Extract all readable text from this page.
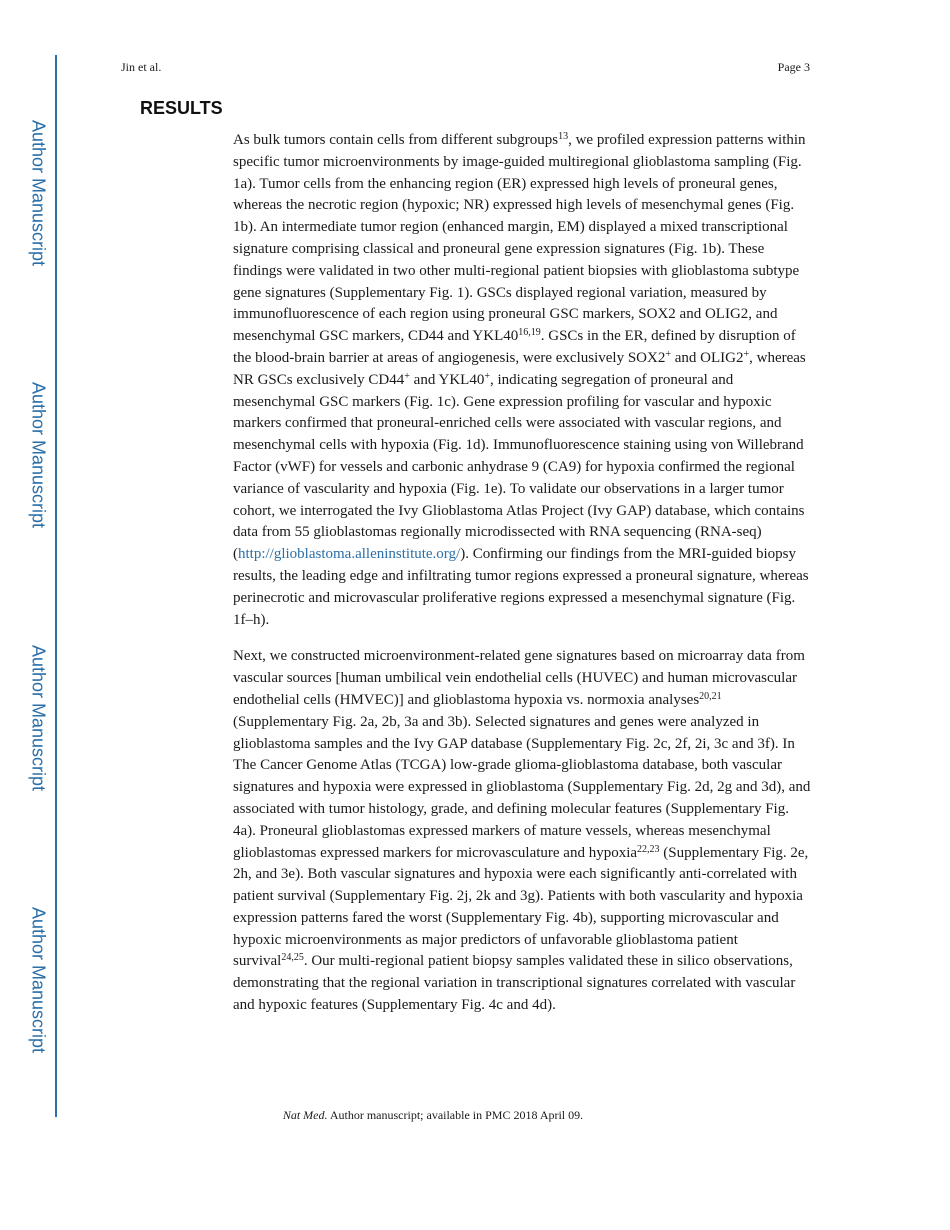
Author Manuscript
Author Manuscript
Author Manuscript
Author Manuscript
Jin et al.	Page 3
RESULTS

As bulk tumors contain cells from different subgroups$^{13}$, we profiled expression patterns within specific tumor microenvironments by image-guided multiregional glioblastoma sampling (Fig. 1a). Tumor cells from the enhancing region (ER) expressed high levels of proneural genes, whereas the necrotic region (hypoxic; NR) expressed high levels of mesenchymal genes (Fig. 1b). An intermediate tumor region (enhanced margin, EM) displayed a mixed transcriptional signature comprising classical and proneural gene expression signatures (Fig. 1b). These findings were validated in two other multi-regional patient biopsies with glioblastoma subtype gene signatures (Supplementary Fig. 1). GSCs displayed regional variation, measured by immunofluorescence of each region using proneural GSC markers, SOX2 and OLIG2, and mesenchymal GSC markers, CD44 and YKL40$^{16,19}$. GSCs in the ER, defined by disruption of the blood-brain barrier at areas of angiogenesis, were exclusively SOX2+ and OLIG2+, whereas NR GSCs exclusively CD44+ and YKL40+, indicating segregation of proneural and mesenchymal GSC markers (Fig. 1c). Gene expression profiling for vascular and hypoxic markers confirmed that proneural-enriched cells were associated with vascular regions, and mesenchymal cells with hypoxia (Fig. 1d). Immunofluorescence staining using von Willebrand Factor (vWF) for vessels and carbonic anhydrase 9 (CA9) for hypoxia confirmed the regional variance of vascularity and hypoxia (Fig. 1e). To validate our observations in a larger tumor cohort, we interrogated the Ivy Glioblastoma Atlas Project (Ivy GAP) database, which contains data from 55 glioblastomas regionally microdissected with RNA sequencing (RNA-seq) (http://glioblastoma.alleninstitute.org/). Confirming our findings from the MRI-guided biopsy results, the leading edge and infiltrating tumor regions expressed a proneural signature, whereas perinecrotic and microvascular proliferative regions expressed a mesenchymal signature (Fig. 1f–h).

Next, we constructed microenvironment-related gene signatures based on microarray data from vascular sources [human umbilical vein endothelial cells (HUVEC) and human microvascular endothelial cells (HMVEC)] and glioblastoma hypoxia vs. normoxia analyses$^{20,21}$ (Supplementary Fig. 2a, 2b, 3a and 3b). Selected signatures and genes were analyzed in glioblastoma samples and the Ivy GAP database (Supplementary Fig. 2c, 2f, 2i, 3c and 3f). In The Cancer Genome Atlas (TCGA) low-grade glioma-glioblastoma database, both vascular signatures and hypoxia were expressed in glioblastoma (Supplementary Fig. 2d, 2g and 3d), and associated with tumor histology, grade, and defining molecular features (Supplementary Fig. 4a). Proneural glioblastomas expressed markers of mature vessels, whereas mesenchymal glioblastomas expressed markers for microvasculature and hypoxia$^{22,23}$ (Supplementary Fig. 2e, 2h, and 3e). Both vascular signatures and hypoxia were each significantly anti-correlated with patient survival (Supplementary Fig. 2j, 2k and 3g). Patients with both vascularity and hypoxia expression patterns fared the worst (Supplementary Fig. 4b), supporting microvascular and hypoxic microenvironments as major predictors of unfavorable glioblastoma patient survival$^{24,25}$. Our multi-regional patient biopsy samples validated these in silico observations, demonstrating that the regional variation in transcriptional signatures correlated with vascular and hypoxic features (Supplementary Fig. 4c and 4d).

Nat Med. Author manuscript; available in PMC 2018 April 09.
